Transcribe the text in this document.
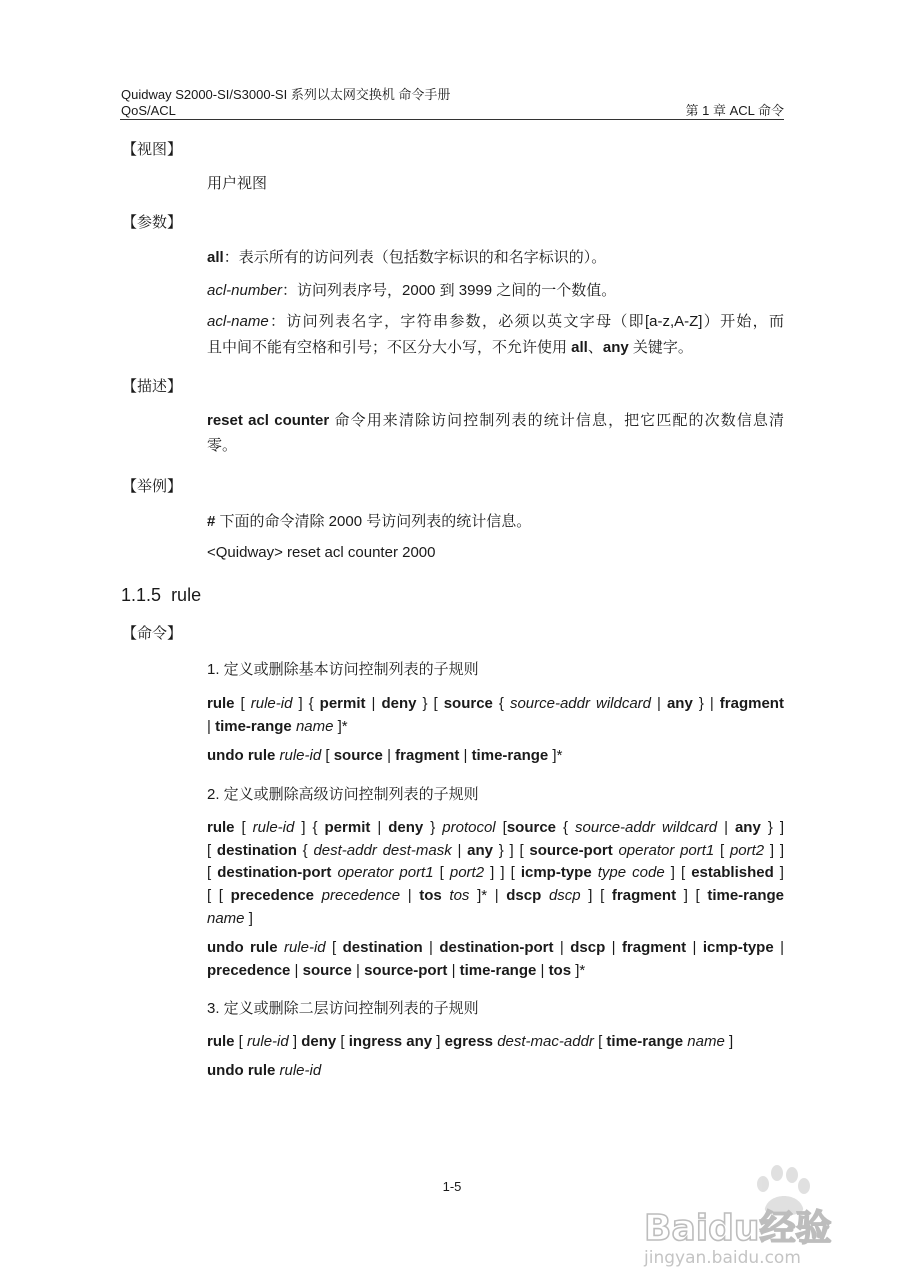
Quidway S2000-SI/S3000-SI 系列以太网交换机 命令手册
QoS/ACL	第 1 章 ACL 命令
【视图】
用户视图
【参数】
all：表示所有的访问列表（包括数字标识的和名字标识的）。
acl-number：访问列表序号，2000 到 3999 之间的一个数值。
acl-name：访问列表名字，字符串参数，必须以英文字母（即[a-z,A-Z]）开始，而
且中间不能有空格和引号；不区分大小写，不允许使用 all、any 关键字。
【描述】
reset acl counter 命令用来清除访问控制列表的统计信息，把它匹配的次数信息清
零。
【举例】
# 下面的命令清除 2000 号访问列表的统计信息。
<Quidway> reset acl counter 2000
1.1.5 rule
【命令】
1. 定义或删除基本访问控制列表的子规则
rule [ rule-id ] { permit | deny } [ source { source-addr wildcard | any } | fragment
| time-range name ]*
undo rule rule-id [ source | fragment | time-range ]*
2. 定义或删除高级访问控制列表的子规则
rule [ rule-id ] { permit | deny } protocol [source { source-addr wildcard | any } ]
[ destination { dest-addr dest-mask | any } ] [ source-port operator port1 [ port2 ] ]
[ destination-port operator port1 [ port2 ] ] [ icmp-type type code ] [ established ]
[ [ precedence precedence | tos tos ]* | dscp dscp ] [ fragment ] [ time-range
name ]
undo rule rule-id [ destination | destination-port | dscp | fragment | icmp-type |
precedence | source | source-port | time-range | tos ]*
3. 定义或删除二层访问控制列表的子规则
rule [ rule-id ] deny [ ingress any ] egress dest-mac-addr [ time-range name ]
undo rule rule-id
1-5
Baidu经验
jingyan.baidu.com
